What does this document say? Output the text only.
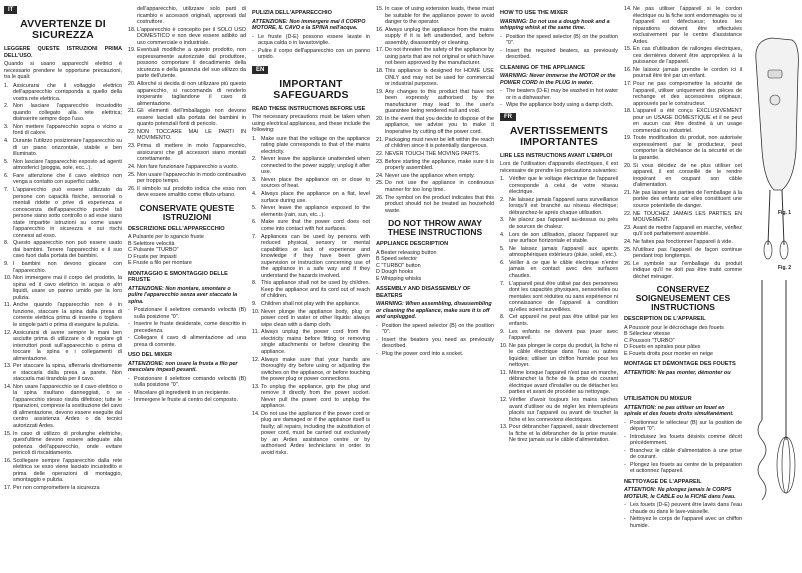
IT
AVVERTENZE DI SICUREZZA

LEGGERE QUESTE ISTRUZIONI PRIMA DELL'USO.

Quando si usano apparecchi elettrici è necessario prendere le opportune precauzioni, tra le quali:

1. Assicurarsi che il voltaggio elettrico dell'apparecchio corrisponda a quello della vostra rete elettrica.
2. Non lasciare l'apparecchio incustodito quando collegato alla rete elettrica; disinserire sempre dopo l'uso.
3. Non mettere l'apparecchio sopra o vicino a fonti di calore.
4. Durante l'utilizzo posizionare l'apparecchio su di un piano orizzontale, stabile e ben illuminato.
5. Non lasciare l'apparecchio esposto ad agenti atmosferici (pioggia, sole, ecc...).
6. Fare attenzione che il cavo elettrico non venga a contatto con superfici calde.
7. L'apparecchio può essere utilizzato da persone con capacità fisiche, sensoriali o mentali ridotte o prive di esperienza e conoscenza dell'apparecchio purché tali persone siano sotto controllo o ad esse siano state impartite istruzioni su come usare l'apparecchio in sicurezza e sui rischi connessi ad esso.
8. Questo apparecchio non può essere usato dai bambini. Tenere l'apparecchio e il suo cavo fuori dalla portata dei bambini.
9. I bambini non devono giocare con l'apparecchio.
10. Non immergere mai il corpo del prodotto, la spina ed il cavo elettrico in acqua o altri liquidi, usare un panno umido per la loro pulizia.
11. Anche quando l'apparecchio non è in funzione, staccare la spina dalla presa di corrente elettrica prima di inserire o togliere le singole parti o prima di eseguire la pulizia.
12. Assicurarsi di avere sempre le mani ben asciutte prima di utilizzare o di regolare gli interruttori posti sull'apparecchio o prima di toccare la spina e i collegamenti di alimentazione.
13. Per staccare la spina, afferrarla direttamente e staccarla dalla presa a parete. Non staccarla mai tirandola per il cavo.
14. Non usare l'apparecchio se il cavo elettrico o la spina risultano danneggiati, o se l'apparecchio stesso risulta difettoso; tutte le riparazioni, comprese la sostituzione del cavo di alimentazione, devono essere eseguite dal centro assistenza Ardes o da tecnici autorizzati Ardes.
15. In caso di utilizzo di prolunghe elettriche, quest'ultime devono essere adeguate alla potenza dell'apparecchio, onde evitare pericoli di riscaldamento.
16. Scollegare sempre l'apparecchio dalla rete elettrica se esso viene lasciato incustodito e prima delle operazioni di montaggio, smontaggio e pulizia.
17. Per non compromettere la sicurezza
dell'apparecchio, utilizzare solo parti di ricambio e accessori originali, approvati dal costruttore.
18. L'apparecchio è concepito per il SOLO USO DOMESTICO e non deve essere adibito ad uso commerciale o industriale.
19. Eventuali modifiche a questo prodotto, non espressamente autorizzate dal produttore, possono comportare il decadimento della sicurezza e della garanzia del suo utilizzo da parte dell'utente.
20. Allorché si decida di non utilizzare più questo apparecchio, si raccomanda di renderlo inoperante tagliandone il cavo di alimentazione.
21. Gli elementi dell'imballaggio non devono essere lasciati alla portata dei bambini in quanto potenziali fonti di pericolo.
22. NON TOCCARE MAI LE PARTI IN MOVIMENTO.
23. Prima di mettere in moto l'apparecchio, assicurarsi che gli accessori siano montati correttamente.
24. Non fare funzionare l'apparecchio a vuoto.
25. Non usare l'apparecchio in modo continuativo per troppo tempo.
26. Il simbolo sul prodotto indica che esso non deve essere smaltito come rifiuto urbano.
CONSERVATE QUESTE ISTRUZIONI
DESCRIZIONE DELL'APPARECCHIO
A Pulsante per lo sgancio fruste
B Selettore velocità
C Pulsante "TURBO"
D Fruste per impasti
E Fruste a filo per montare
MONTAGGIO E SMONTAGGIO DELLE FRUSTE
ATTENZIONE: Non montare, smontare o pulire l'apparecchio senza aver staccato la spina.
- Posizionare il selettore comando velocità (B) sulla posizione "0".
- Inserire le fruste desiderate, come descritto in precedenza.
- Collegare il cavo di alimentazione ad una presa di corrente.
USO DEL MIXER
ATTENZIONE: non usare la frusta a filo per mescolare impasti pesanti.
- Posizionare il selettore comando velocità (B) sulla posizione "0".
- Miscelare gli ingredienti in un recipiente.
- Immergere le fruste al centro del composto.
PULIZIA DELL'APPARECCHIO
ATTENZIONE: Non immergere mai il CORPO MOTORE, IL CAVO e la SPINA nell'acqua.
- Le fruste (D-E) possono essere lavate in acqua calda o in lavastoviglie.
- Pulire il corpo dell'apparecchio con un panno umido.
EN
IMPORTANT SAFEGUARDS

READ THESE INSTRUCTIONS BEFORE USE

The necessary precautions must be taken when using electrical appliances, and these include the following:

1. Make sure that the voltage on the appliance rating plate corresponds to that of the mains electricity.
2. Never leave the appliance unattended when connected to the power supply; unplug it after use.
3. Never place the appliance on or close to sources of heat.
4. Always place the appliance on a flat, level surface during use.
5. Never leave the appliance exposed to the elements (rain, sun, etc...).
6. Make sure that the power cord does not come into contact with hot surfaces.
7. Appliances can be used by persons with reduced physical, sensory or mental capabilities or lack of experience and knowledge if they have been given supervision or instruction concerning use of the appliance in a safe way and if they understand the hazards involved.
8. This appliance shall not be used by children. Keep the appliance and its cord out of reach of children.
9. Children shall not play with the appliance.
10. Never plunge the appliance body, plug or power cord in water or other liquids: always wipe clean with a damp cloth.
11. Always unplug the power cord from the electricity mains before fitting or removing single attachments or before cleaning the appliance.
12. Always make sure that your hands are thoroughly dry before using or adjusting the switches on the appliance, or before touching the power plug or power connections.
13. To unplug the appliance, grip the plug and remove it directly from the power socket. Never pull the power cord to unplug the appliance.
14. Do not use the appliance if the power cord or plug are damaged or if the appliance itself is faulty; all repairs, including the substitution of power cord, must be carried out exclusively by an Ardes assistance centre or by authorised Ardes technicians in order to avoid risks.
15. In case of using extension leads, these must be suitable for the appliance power to avoid danger to the operator.
16. Always unplug the appliance from the mains supply if it is left unattended, and before assembly, disassembly or cleaning.
17. Do not threaten the safety of the appliance by using parts that are not original or which have not been approved by the manufacturer.
18. This appliance is designed for HOME USE ONLY and may not be used for commercial or industrial purposes.
19. Any changes to this product that have not been expressly authorised by the manufacturer may lead to the user's guarantee being rendered null and void.
20. In the event that you decide to dispose of the appliance, we advise you to make it inoperative by cutting off the power cord.
21. Packaging must never be left within the reach of children since it is potentially dangerous.
22. NEVER TOUCH THE MOVING PARTS.
23. Before starting the appliance, make sure it is properly assembled.
24. Never use the appliance when empty.
25. Do not use the appliance in continuous manner for too long time.
26. The symbol on the product indicates that this product should not be treated as household waste.
DO NOT THROW AWAY THESE INSTRUCTIONS
APPLIANCE DESCRIPTION
A Beater releasing button
B Speed selector
C "TURBO" button
D Dough hooks
E Whipping whisks
ASSEMBLY AND DISASSEMBLY OF BEATERS
WARNING: When assembling, disassembling or cleaning the appliance, make sure it is off and unplugged.
- Position the speed selector (B) on the position "0".
- Insert the beaters you need as previously described.
- Plug the power cord into a socket.
HOW TO USE THE MIXER
WARNING: Do not use a dough hook and a whipping whisk at the same time.
- Position the speed selector (B) on the position "0".
- Insert the required beaters, as previously described.
CLEANING OF THE APPLIANCE
WARNING: Never immerse the MOTOR or the POWER CORD in the PLUG in water.
- The beaters (D-E) may be washed in hot water or in a dishwasher.
- Wipe the appliance body using a damp cloth.
FR
AVERTISSEMENTS IMPORTANTES

LIRE LES INSTRUCTIONS AVANT L'EMPLOI

Lors de l'utilisation d'appareils électriques, il est nécessaire de prendre les précautions suivantes:

1. Vérifier que le voltage électrique de l'appareil corresponde à celui de votre réseau électrique.
2. Ne laissez jamais l'appareil sans surveillance lorsqu'il est branché au réseau électrique; débranchez-le après chaque utilisation.
3. Ne placez pas l'appareil au-dessus ou près de sources de chaleur.
4. Lors de son utilisation, placez l'appareil sur une surface horizontale et stable.
5. Ne laissez jamais l'appareil aux agents atmosphériques extérieurs (pluie, soleil, etc.).
6. Veiller à ce que le câble électrique n'entre jamais en contact avec des surfaces chaudes.
7. L'appareil peut être utilisé par des personnes dont les capacités physiques, sensorielles ou mentales sont réduites ou sans expérience ni connaissance de l'appareil à condition qu'elles soient surveillées.
8. Cet appareil ne peut pas être utilisé par les enfants.
9. Les enfants ne doivent pas jouer avec l'appareil.
10. Ne pas plonger le corps du produit, la fiche ni le câble électrique dans l'eau ou autres liquides; utiliser un chiffon humide pour les nettoyer.
11. Même lorsque l'appareil n'est pas en marche, débrancher la fiche de la prise de courant électrique avant d'installer ou de détacher les parties et avant de procéder au nettoyage.
12. Vérifier d'avoir toujours les mains sèches avant d'utiliser ou de régler les interrupteurs placés sur l'appareil ou avant de toucher la fiche et les connexions électriques.
13. Pour débrancher l'appareil, saisir directement la fiche et la débrancher de la prise murale. Ne tirez jamais sur le câble d'alimentation.
14. Ne pas utiliser l'appareil si le cordon électrique ou la fiche sont endommagés ou si l'appareil est défectueux; toutes les réparations doivent être effectuées exclusivement par le centre d'assistance Ardes.
15. En cas d'utilisation de rallonges électriques, ces dernières doivent être appropriées à la puissance de l'appareil.
16. Ne laissez jamais prendre le cordon ici il pourrait être tiré par un enfant.
17. Pour ne pas compromettre la sécurité de l'appareil, utiliser uniquement des pièces de rechange et des accessoires originaux, approuvés par le constructeur.
18. L'appareil a été conçu EXCLUSIVEMENT pour un USAGE DOMESTIQUE et il ne peut en aucun cas être destiné à un usage commercial ou industriel.
19. Toute modification du produit, non autorisée expressément par le producteur, peut comporter la déchéance de la sécurité et de la garantie.
20. Si vous décidez de ne plus utiliser cet appareil, il est conseillé de le rendre inopérant en coupant son câble d'alimentation.
21. Ne pas laisser les parties de l'emballage à la portée des enfants car elles constituent une source potentielle de danger.
22. NE TOUCHEZ JAMAIS LES PARTIES EN MOUVEMENT.
23. Avant de mettre l'appareil en marche, vérifiez qu'il soit parfaitement assemblé.
24. Ne faites pas fonctionner l'appareil à vide.
25. N'utilisez pas l'appareil de façon continue pendant trop longtemps.
26. Le symbole sur l'emballage du produit indique qu'il ne doit pas être traité comme déchet ménager.
CONSERVEZ SOIGNEUSEMENT CES INSTRUCTIONS
DESCRIPTION DE L'APPAREIL
A Poussoir pour le décrochage des fouets
B Sélecteur vitesse
C Poussoir "TURBO"
D Fouets en spirales pour pâtes
E Fouets droits pour monter en neige
MONTAGE ET DÉMONTAGE DES FOUETS
ATTENTION: Ne pas monter, démonter ou
Fig. 1
Fig. 2
UTILISATION DU MIXEUR
ATTENTION: ne pas utiliser un fouet en spirale et des fouets droits simultanément.
- Positionnez le sélecteur (B) sur la position de départ "0".
- Introduisez les fouets désirés comme décrit précédemment.
- Branchez le câble d'alimentation à une prise de courant.
- Plongez les fouets au centre de la préparation et actionnez l'appareil.
NETTOYAGE DE L'APPAREIL
ATTENTION: Ne plongez jamais le CORPS MOTEUR, le CABLE ou la FICHE dans l'eau.
- Les fouets (D-E) peuvent être lavés dans l'eau chaude ou dans le lave-vaisselle.
- Nettoyez le corps de l'appareil avec un chiffon humide.
